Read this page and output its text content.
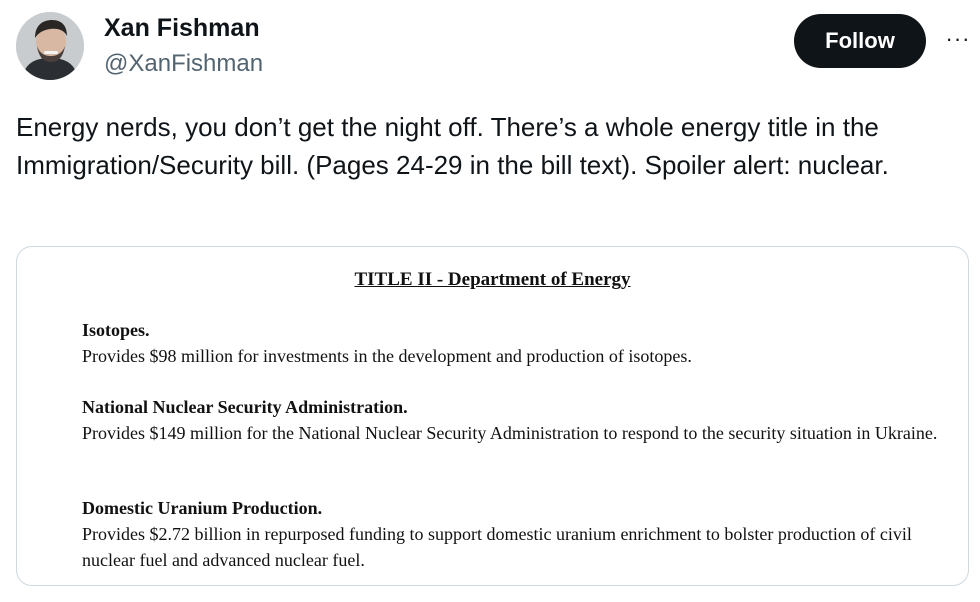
Xan Fishman
@XanFishman
Follow	···

Energy nerds, you don’t get the night off. There’s a whole energy title in the Immigration/Security bill. (Pages 24-29 in the bill text). Spoiler alert: nuclear.

TITLE II - Department of Energy
Isotopes.
Provides $98 million for investments in the development and production of isotopes.
National Nuclear Security Administration.
Provides $149 million for the National Nuclear Security Administration to respond to the security situation in Ukraine.
Domestic Uranium Production.
Provides $2.72 billion in repurposed funding to support domestic uranium enrichment to bolster production of civil nuclear fuel and advanced nuclear fuel.
